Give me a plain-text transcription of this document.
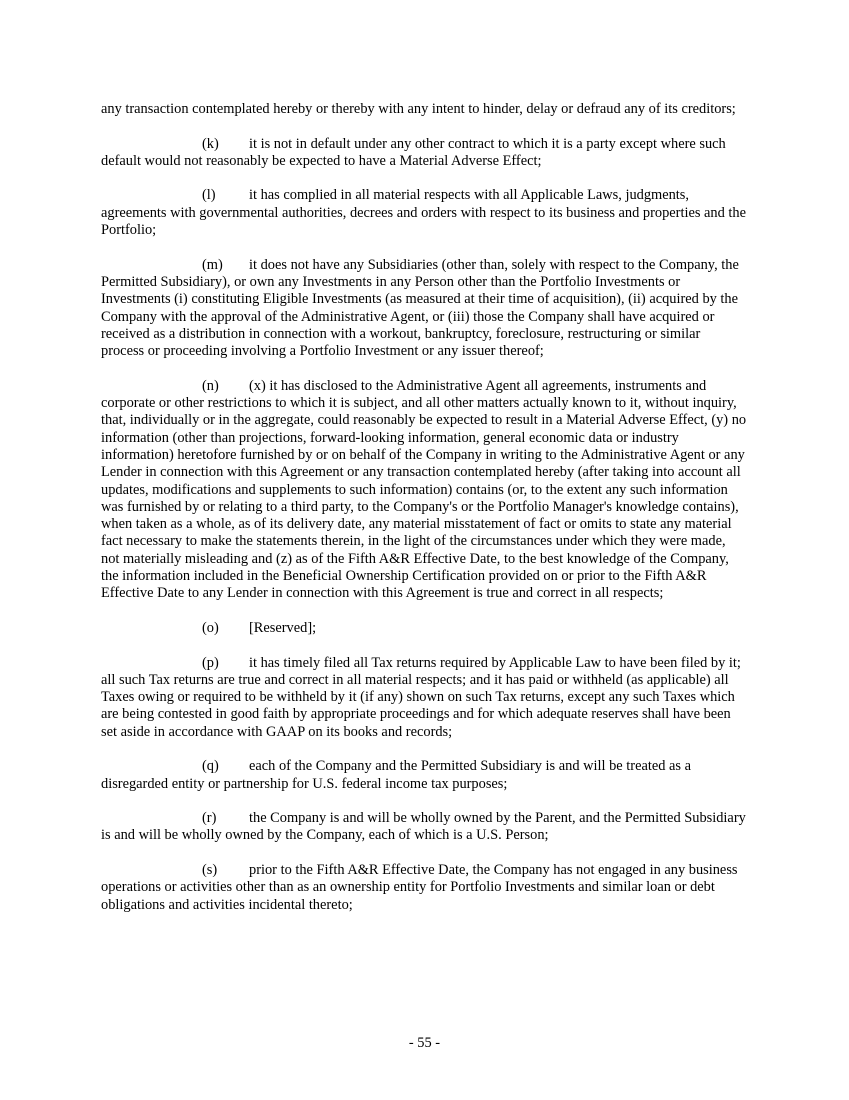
any transaction contemplated hereby or thereby with any intent to hinder, delay or defraud any of its creditors;

(k) it is not in default under any other contract to which it is a party except where such default would not reasonably be expected to have a Material Adverse Effect;

(l) it has complied in all material respects with all Applicable Laws, judgments, agreements with governmental authorities, decrees and orders with respect to its business and properties and the Portfolio;

(m) it does not have any Subsidiaries (other than, solely with respect to the Company, the Permitted Subsidiary), or own any Investments in any Person other than the Portfolio Investments or Investments (i) constituting Eligible Investments (as measured at their time of acquisition), (ii) acquired by the Company with the approval of the Administrative Agent, or (iii) those the Company shall have acquired or received as a distribution in connection with a workout, bankruptcy, foreclosure, restructuring or similar process or proceeding involving a Portfolio Investment or any issuer thereof;

(n) (x) it has disclosed to the Administrative Agent all agreements, instruments and corporate or other restrictions to which it is subject, and all other matters actually known to it, without inquiry, that, individually or in the aggregate, could reasonably be expected to result in a Material Adverse Effect, (y) no information (other than projections, forward-looking information, general economic data or industry information) heretofore furnished by or on behalf of the Company in writing to the Administrative Agent or any Lender in connection with this Agreement or any transaction contemplated hereby (after taking into account all updates, modifications and supplements to such information) contains (or, to the extent any such information was furnished by or relating to a third party, to the Company's or the Portfolio Manager's knowledge contains), when taken as a whole, as of its delivery date, any material misstatement of fact or omits to state any material fact necessary to make the statements therein, in the light of the circumstances under which they were made, not materially misleading and (z) as of the Fifth A&R Effective Date, to the best knowledge of the Company, the information included in the Beneficial Ownership Certification provided on or prior to the Fifth A&R Effective Date to any Lender in connection with this Agreement is true and correct in all respects;

(o) [Reserved];

(p) it has timely filed all Tax returns required by Applicable Law to have been filed by it; all such Tax returns are true and correct in all material respects; and it has paid or withheld (as applicable) all Taxes owing or required to be withheld by it (if any) shown on such Tax returns, except any such Taxes which are being contested in good faith by appropriate proceedings and for which adequate reserves shall have been set aside in accordance with GAAP on its books and records;

(q) each of the Company and the Permitted Subsidiary is and will be treated as a disregarded entity or partnership for U.S. federal income tax purposes;

(r) the Company is and will be wholly owned by the Parent, and the Permitted Subsidiary is and will be wholly owned by the Company, each of which is a U.S. Person;

(s) prior to the Fifth A&R Effective Date, the Company has not engaged in any business operations or activities other than as an ownership entity for Portfolio Investments and similar loan or debt obligations and activities incidental thereto;

- 55 -
